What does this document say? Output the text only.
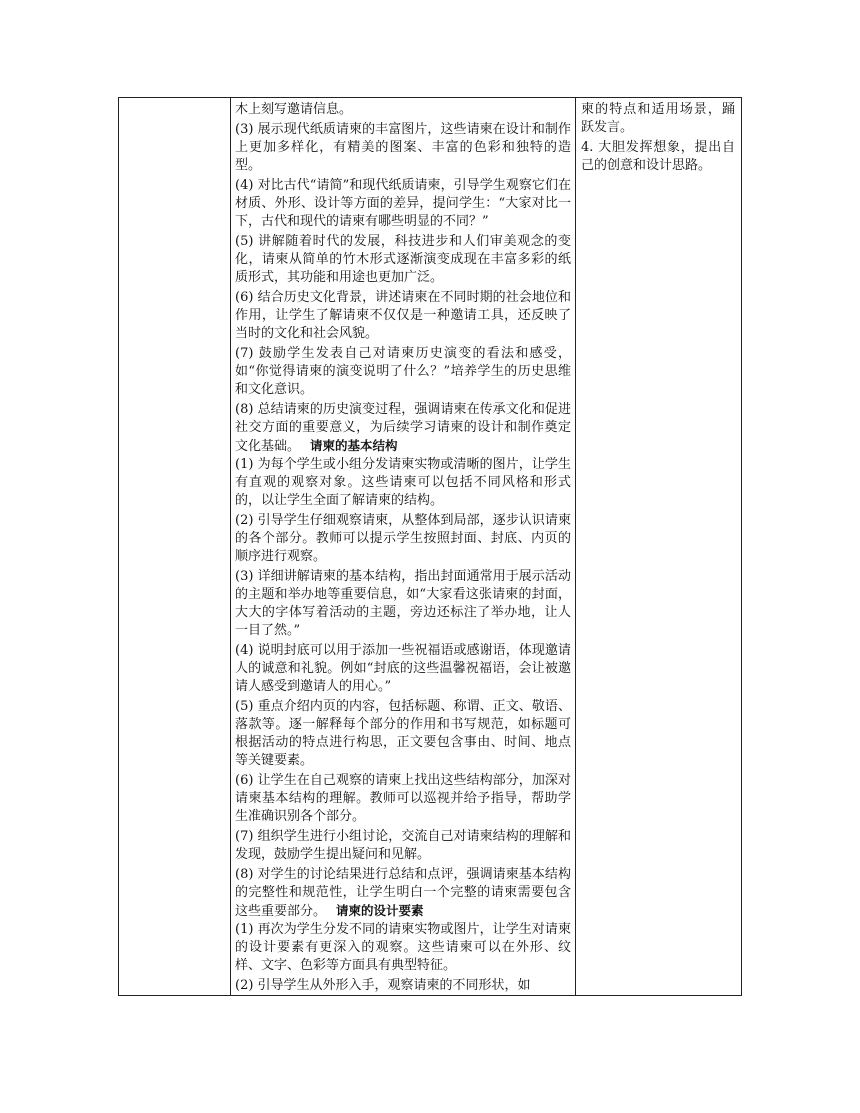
木上刻写邀请信息。

(3) 展示现代纸质请柬的丰富图片，这些请柬在设计和制作上更加多样化，有精美的图案、丰富的色彩和独特的造型。

(4) 对比古代“请简”和现代纸质请柬，引导学生观察它们在材质、外形、设计等方面的差异，提问学生：“大家对比一下，古代和现代的请柬有哪些明显的不同？”

(5) 讲解随着时代的发展，科技进步和人们审美观念的变化，请柬从简单的竹木形式逐渐演变成现在丰富多彩的纸质形式，其功能和用途也更加广泛。

(6) 结合历史文化背景，讲述请柬在不同时期的社会地位和作用，让学生了解请柬不仅仅是一种邀请工具，还反映了当时的文化和社会风貌。

(7) 鼓励学生发表自己对请柬历史演变的看法和感受，如“你觉得请柬的演变说明了什么？”培养学生的历史思维和文化意识。

(8) 总结请柬的历史演变过程，强调请柬在传承文化和促进社交方面的重要意义，为后续学习请柬的设计和制作奠定文化基础。 请柬的基本结构

(1) 为每个学生或小组分发请柬实物或清晰的图片，让学生有直观的观察对象。这些请柬可以包括不同风格和形式的，以让学生全面了解请柬的结构。

(2) 引导学生仔细观察请柬，从整体到局部，逐步认识请柬的各个部分。教师可以提示学生按照封面、封底、内页的顺序进行观察。

(3) 详细讲解请柬的基本结构，指出封面通常用于展示活动的主题和举办地等重要信息，如“大家看这张请柬的封面，大大的字体写着活动的主题，旁边还标注了举办地，让人一目了然。”

(4) 说明封底可以用于添加一些祝福语或感谢语，体现邀请人的诚意和礼貌。例如“封底的这些温馨祝福语，会让被邀请人感受到邀请人的用心。”

(5) 重点介绍内页的内容，包括标题、称谓、正文、敬语、落款等。逐一解释每个部分的作用和书写规范，如标题可根据活动的特点进行构思，正文要包含事由、时间、地点等关键要素。

(6) 让学生在自己观察的请柬上找出这些结构部分，加深对请柬基本结构的理解。教师可以巡视并给予指导，帮助学生准确识别各个部分。

(7) 组织学生进行小组讨论，交流自己对请柬结构的理解和发现，鼓励学生提出疑问和见解。

(8) 对学生的讨论结果进行总结和点评，强调请柬基本结构的完整性和规范性，让学生明白一个完整的请柬需要包含这些重要部分。 请柬的设计要素

(1) 再次为学生分发不同的请柬实物或图片，让学生对请柬的设计要素有更深入的观察。这些请柬可以在外形、纹样、文字、色彩等方面具有典型特征。

(2) 引导学生从外形入手，观察请柬的不同形状，如

柬的特点和适用场景，踊跃发言。

4. 大胆发挥想象，提出自己的创意和设计思路。
